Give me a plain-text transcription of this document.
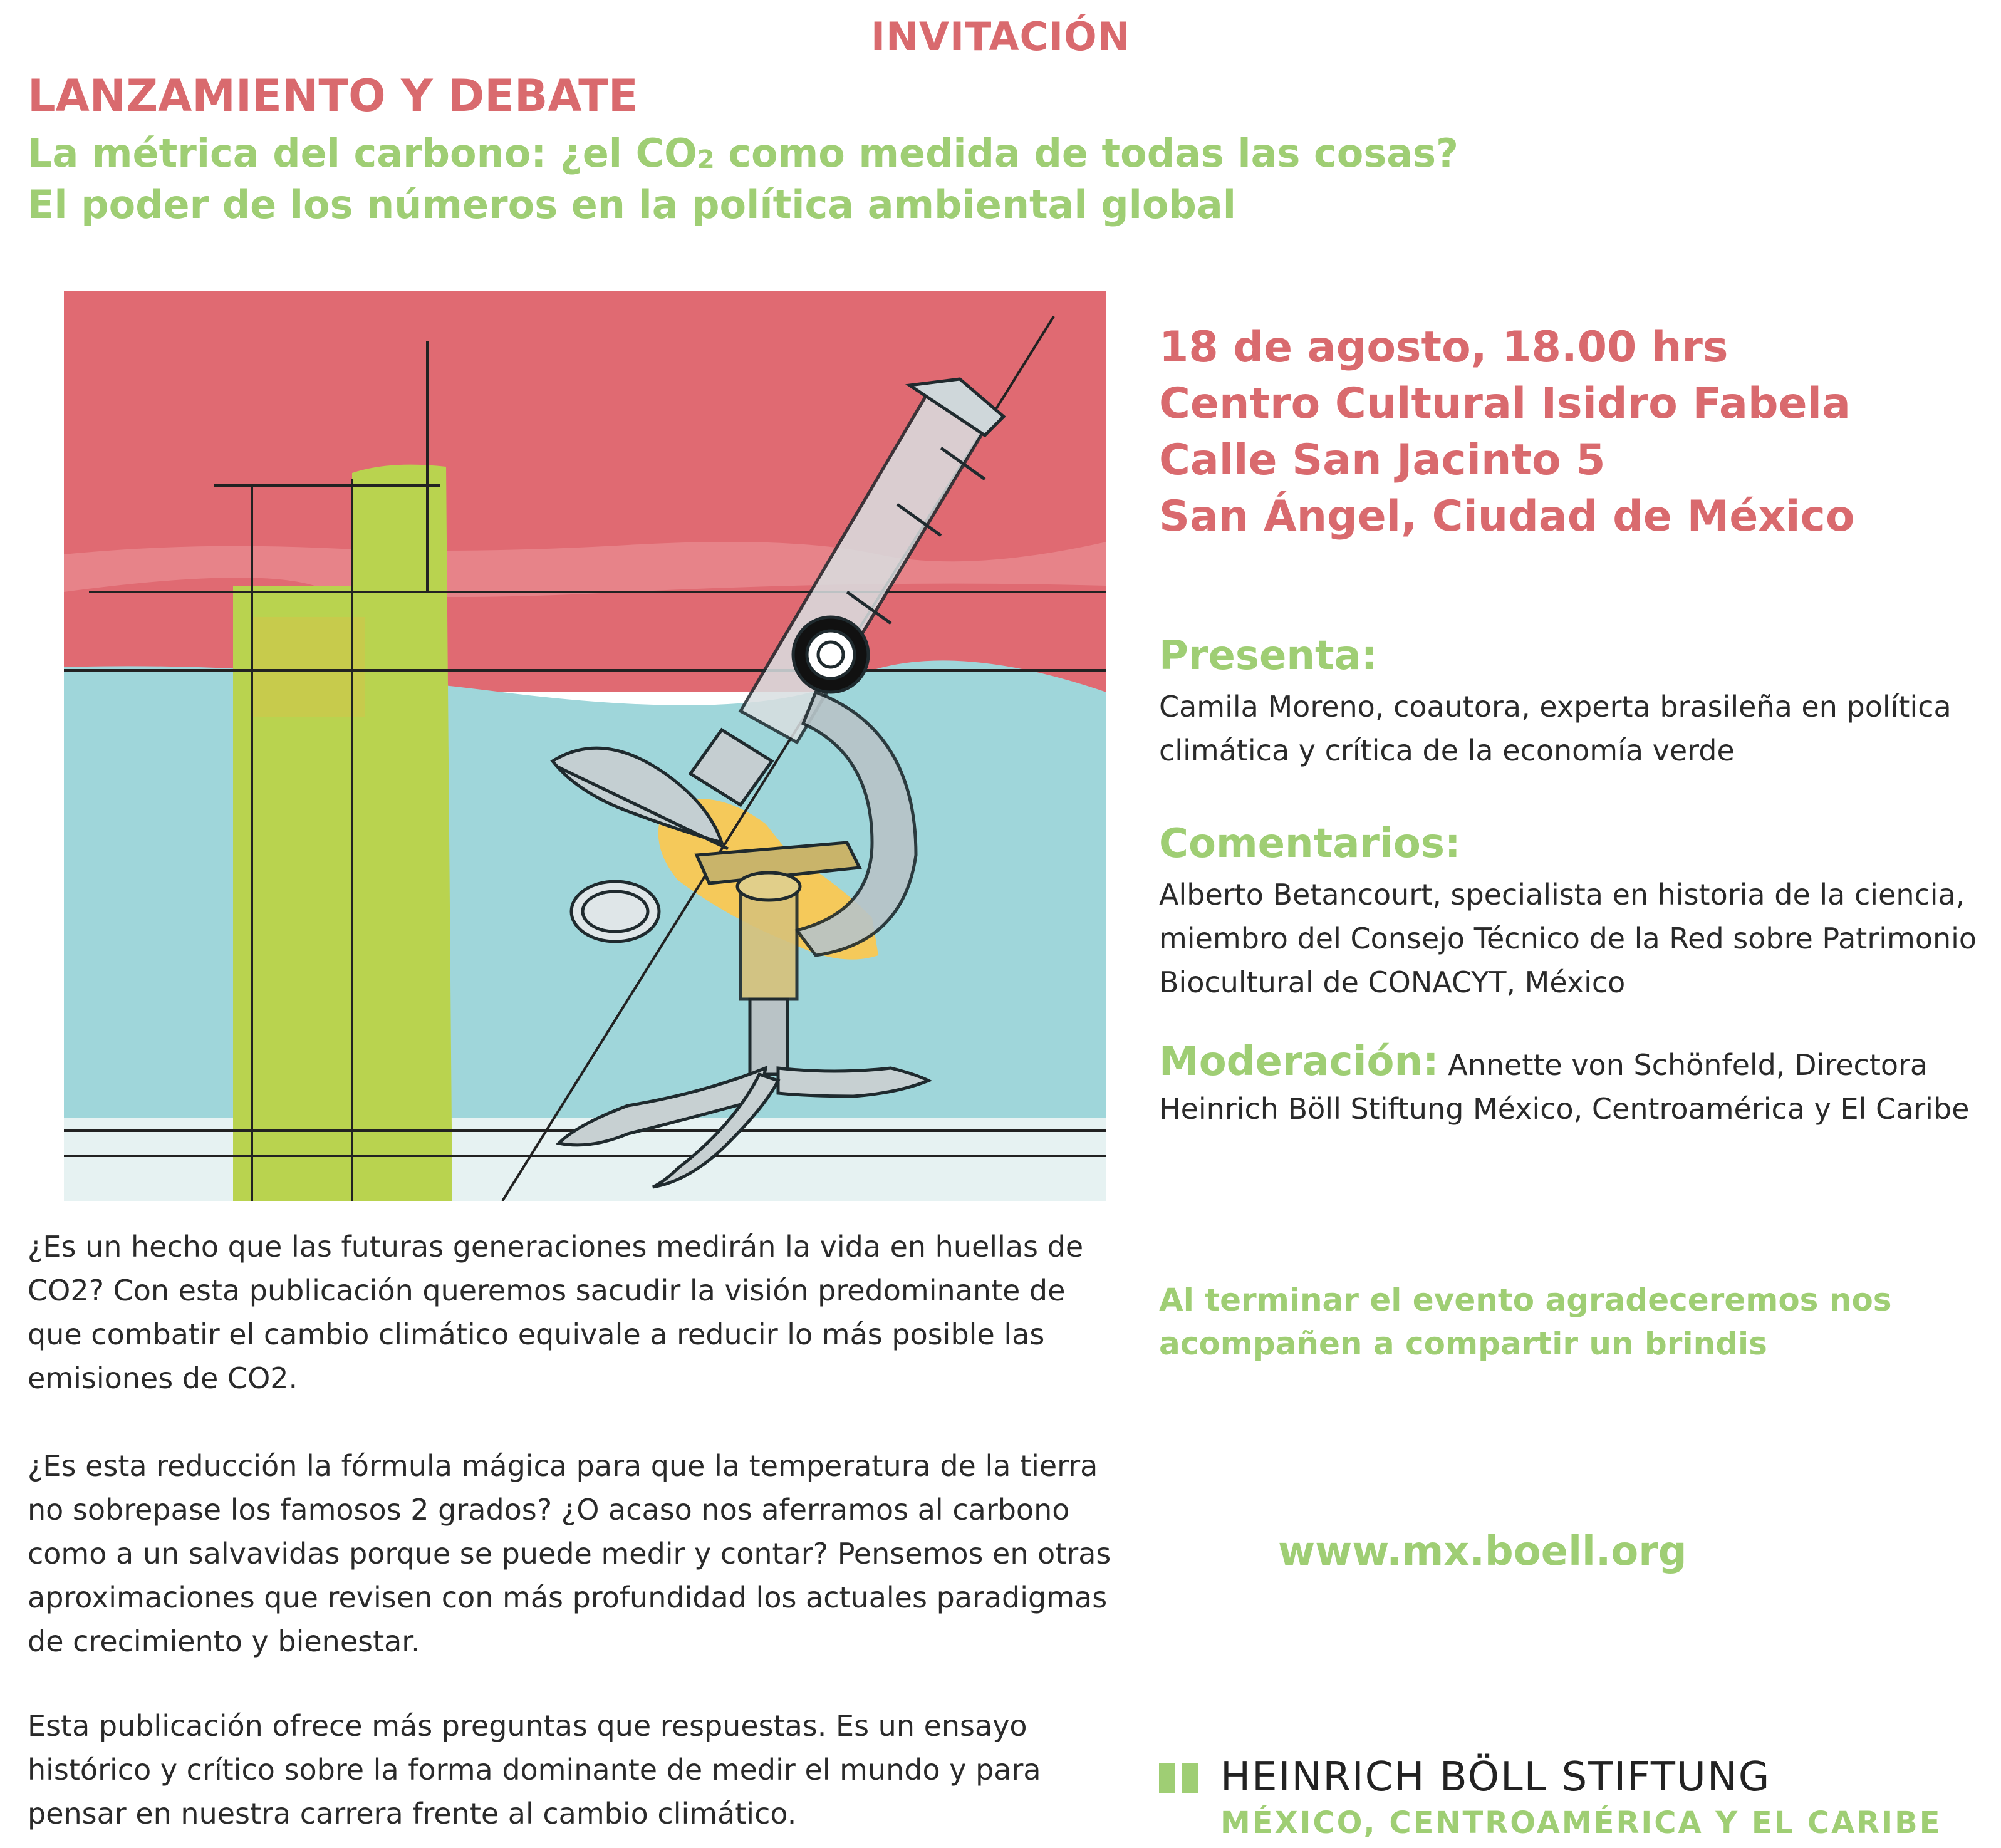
INVITACIÓN
LANZAMIENTO Y DEBATE
La métrica del carbono: ¿el $CO_2$ como medida de todas las cosas?
El poder de los números en la política ambiental global
18 de agosto, 18.00 hrs
Centro Cultural Isidro Fabela
Calle San Jacinto 5
San Ángel, Ciudad de México
Presenta:

Camila Moreno, coautora, experta brasileña en política climática y crítica de la economía verde

Comentarios:

Alberto Betancourt, specialista en historia de la ciencia, miembro del Consejo Técnico de la Red sobre Patrimonio Biocultural de CONACYT, México

Moderación: Annette von Schönfeld, Directora Heinrich Böll Stiftung México, Centroamérica y El Caribe

Al terminar el evento agradeceremos nos acompañen a compartir un brindis

www.mx.boell.org

¿Es un hecho que las futuras generaciones medirán la vida en huellas de CO2? Con esta publicación queremos sacudir la visión predominante de que combatir el cambio climático equivale a reducir lo más posible las emisiones de CO2.

¿Es esta reducción la fórmula mágica para que la temperatura de la tierra no sobrepase los famosos 2 grados? ¿O acaso nos aferramos al carbono como a un salvavidas porque se puede medir y contar? Pensemos en otras aproximaciones que revisen con más profundidad los actuales paradigmas de crecimiento y bienestar.

Esta publicación ofrece más preguntas que respuestas. Es un ensayo histórico y crítico sobre la forma dominante de medir el mundo y para pensar en nuestra carrera frente al cambio climático.

HEINRICH BÖLL STIFTUNG

MÉXICO, CENTROAMÉRICA Y EL CARIBE
